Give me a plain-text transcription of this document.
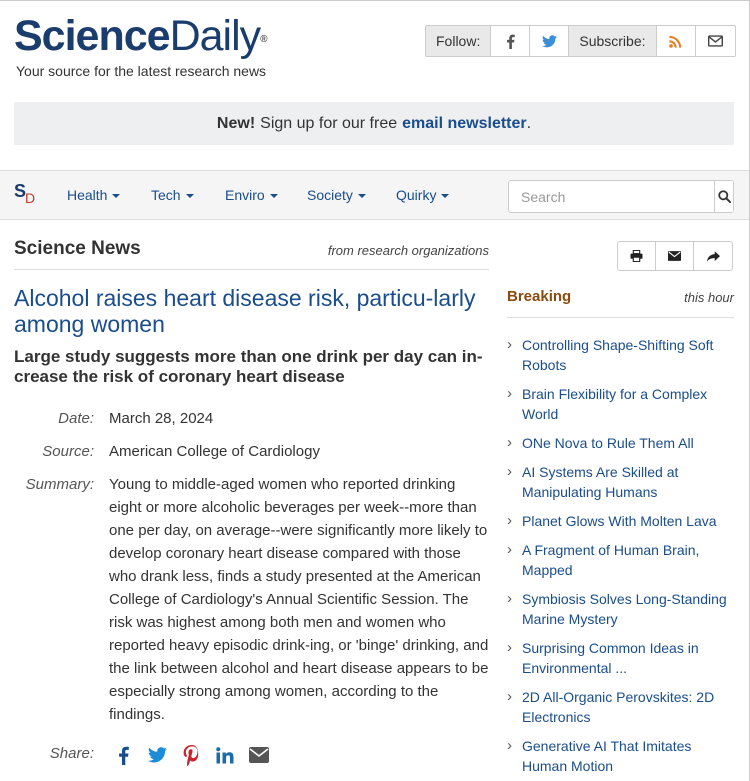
ScienceDaily®
Your source for the latest research news
Follow:	Subscribe:
New! Sign up for our free email newsletter .
$S_D$ Health	Tech	Enviro	Society	Quirky
Search
Science News	from research organizations
Alcohol raises heart disease risk, particu-larly among women
Large study suggests more than one drink per day can in-crease the risk of coronary heart disease
Date:	March 28, 2024
Source:	American College of Cardiology
Summary:	Young to middle-aged women who reported drinking eight or more alcoholic beverages per week--more than one per day, on average--were significantly more likely to develop coronary heart disease compared with those who drank less, finds a study presented at the American College of Cardiology's Annual Scientific Session. The risk was highest among both men and women who reported heavy episodic drink-ing, or 'binge' drinking, and the link between alcohol and heart disease appears to be especially strong among women, according to the findings.
Share:
Breaking	this hour
› Controlling Shape-Shifting Soft Robots
› Brain Flexibility for a Complex World
› ONe Nova to Rule Them All
› AI Systems Are Skilled at Manipulating Humans
› Planet Glows With Molten Lava
› A Fragment of Human Brain, Mapped
› Symbiosis Solves Long-Standing Marine Mystery
› Surprising Common Ideas in Environmental ...
› 2D All-Organic Perovskites: 2D Electronics
› Generative AI That Imitates Human Motion
